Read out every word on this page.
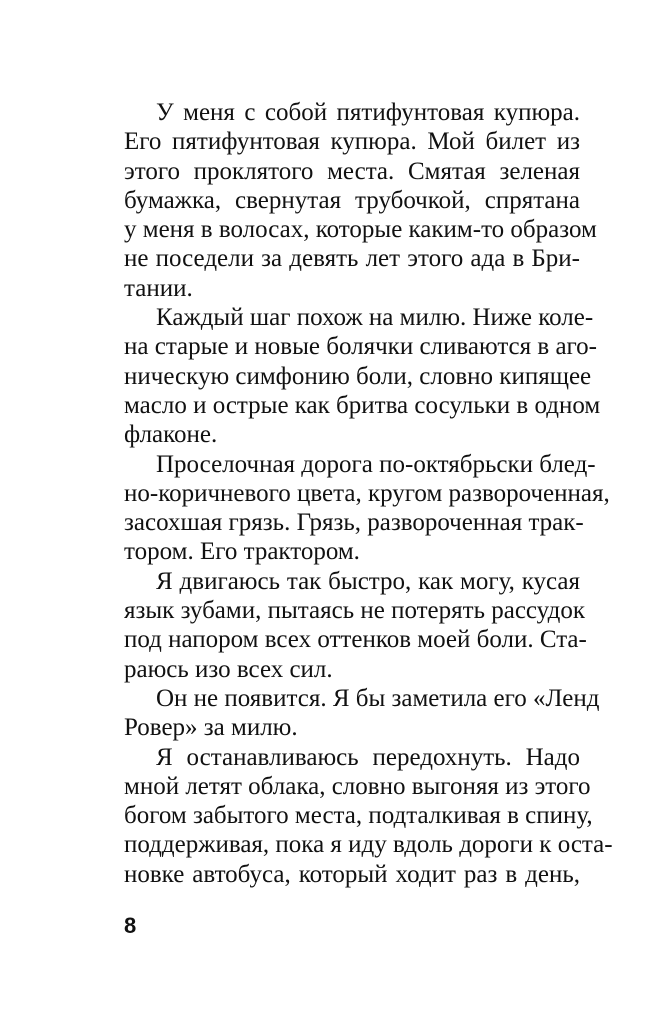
У меня с собой пятифунтовая купюра.
Его пятифунтовая купюра. Мой билет из
этого проклятого места. Смятая зеленая
бумажка, свернутая трубочкой, спрятана
у меня в волосах, которые каким-то образом
не поседели за девять лет этого ада в Бри-
тании.
Каждый шаг похож на милю. Ниже коле-
на старые и новые болячки сливаются в аго-
ническую симфонию боли, словно кипящее
масло и острые как бритва сосульки в одном
флаконе.
Проселочная дорога по-октябрьски блед-
но-коричневого цвета, кругом развороченная,
засохшая грязь. Грязь, развороченная трак-
тором. Его трактором.
Я двигаюсь так быстро, как могу, кусая
язык зубами, пытаясь не потерять рассудок
под напором всех оттенков моей боли. Ста-
раюсь изо всех сил.
Он не появится. Я бы заметила его «Ленд
Ровер» за милю.
Я останавливаюсь передохнуть. Надо
мной летят облака, словно выгоняя из этого
богом забытого места, подталкивая в спину,
поддерживая, пока я иду вдоль дороги к оста-
новке автобуса, который ходит раз в день,
8
